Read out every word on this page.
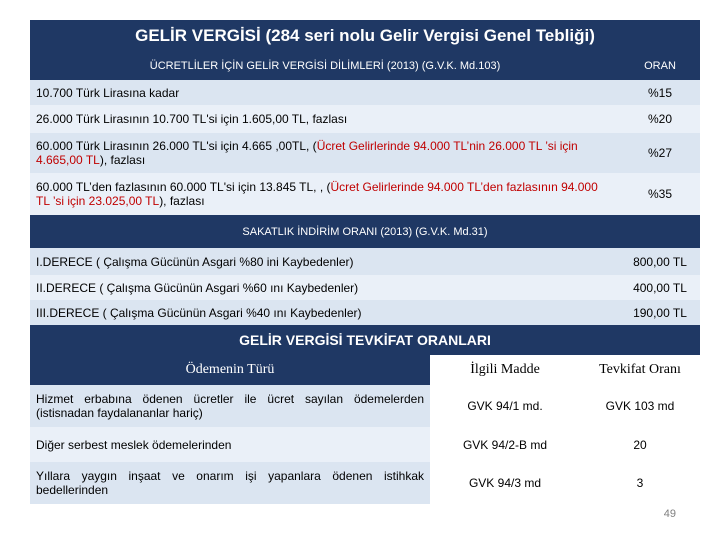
GELİR VERGİSİ (284 seri nolu Gelir Vergisi Genel Tebliği)
ÜCRETLİLER İÇİN GELİR VERGİSİ DİLİMLERİ (2013) (G.V.K. Md.103)	ORAN
10.700 Türk Lirasına kadar	%15
26.000 Türk Lirasının 10.700 TL'si için 1.605,00 TL, fazlası	%20
60.000 Türk Lirasının 26.000 TL'si için 4.665 ,00TL, (Ücret Gelirlerinde 94.000 TL’nin 26.000 TL ’si için 4.665,00 TL), fazlası	%27
60.000 TL’den fazlasının 60.000 TL'si için 13.845 TL, , (Ücret Gelirlerinde 94.000 TL’den fazlasının 94.000 TL ’si için 23.025,00 TL), fazlası	%35
SAKATLIK İNDİRİM ORANI (2013) (G.V.K. Md.31)
I.DERECE ( Çalışma Gücünün Asgari %80 ini Kaybedenler)	800,00 TL
II.DERECE ( Çalışma Gücünün Asgari %60 ını Kaybedenler)	400,00 TL
III.DERECE ( Çalışma Gücünün Asgari %40 ını Kaybedenler)	190,00 TL
GELİR VERGİSİ TEVKİFAT ORANLARI
Ödemenin Türü	İlgili Madde	Tevkifat Oranı
Hizmet erbabına ödenen ücretler ile ücret sayılan ödemelerden (istisnadan faydalananlar hariç)	GVK 94/1 md.	GVK 103 md
Diğer serbest meslek ödemelerinden	GVK 94/2-B md	20
Yıllara yaygın inşaat ve onarım işi yapanlara ödenen istihkak bedellerinden	GVK 94/3 md	3
49
